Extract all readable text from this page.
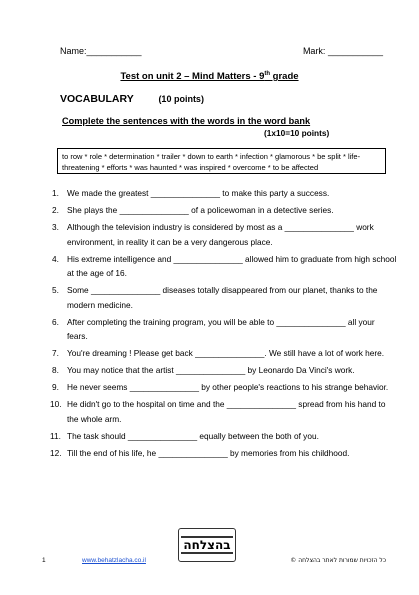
Name:___________	Mark: ___________
Test on unit 2 – Mind Matters - 9th grade
VOCABULARY	(10 points)
Complete the sentences with the words in the word bank
(1x10=10 points)
to row * role * determination * trailer * down to earth * infection * glamorous * be split * life-threatening * efforts * was haunted * was inspired * overcome * to be affected
1. We made the greatest _______________ to make this party a success.
2. She plays the _______________ of a policewoman in a detective series.
3. Although the television industry is considered by most as a _______________ work environment, in reality it can be a very dangerous place.
4. His extreme intelligence and _______________ allowed him to graduate from high school at the age of 16.
5. Some _______________ diseases totally disappeared from our planet, thanks to the modern medicine.
6. After completing the training program, you will be able to _______________ all your fears.
7. You're dreaming ! Please get back _______________. We still have a lot of work here.
8. You may notice that the artist _______________ by Leonardo Da Vinci's work.
9. He never seems _______________ by other people's reactions to his strange behavior.
10. He didn't go to the hospital on time and the _______________ spread from his hand to the whole arm.
11. The task should _______________ equally between the both of you.
12. Till the end of his life, he _______________ by memories from his childhood.
בהצלחה
1	www.behatzlacha.co.il	כל הזכויות שמורות לאתר בהצלחה ©
